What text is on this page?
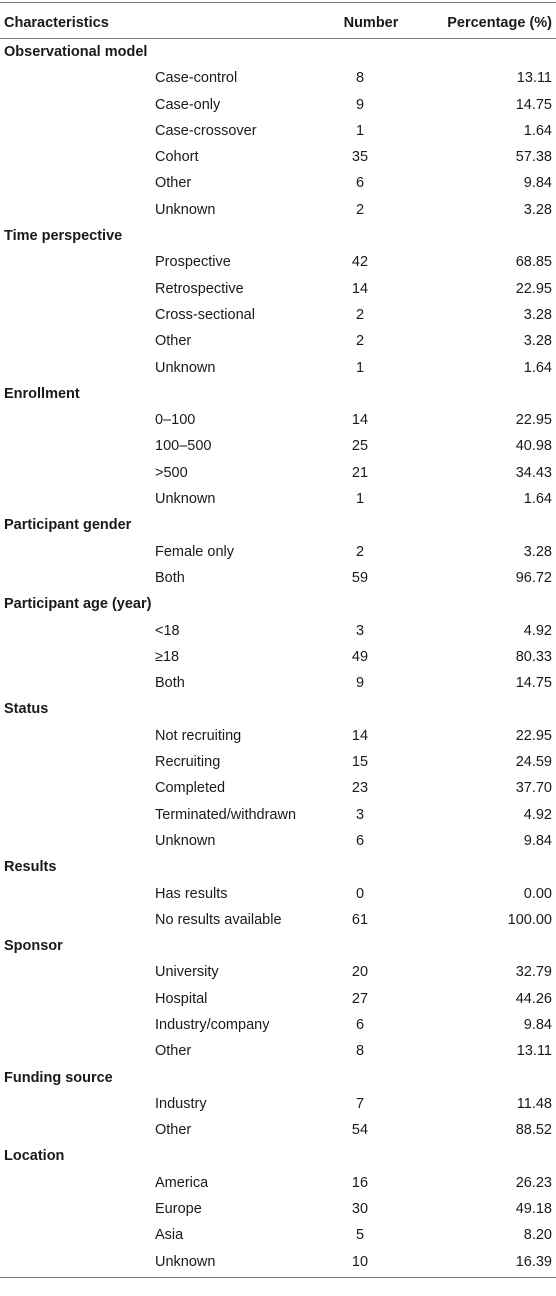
Characteristics	Number	Percentage (%)
Observational model
Case-control	8	13.11
Case-only	9	14.75
Case-crossover	1	1.64
Cohort	35	57.38
Other	6	9.84
Unknown	2	3.28
Time perspective
Prospective	42	68.85
Retrospective	14	22.95
Cross-sectional	2	3.28
Other	2	3.28
Unknown	1	1.64
Enrollment
0–100	14	22.95
100–500	25	40.98
>500	21	34.43
Unknown	1	1.64
Participant gender
Female only	2	3.28
Both	59	96.72
Participant age (year)
<18	3	4.92
≥18	49	80.33
Both	9	14.75
Status
Not recruiting	14	22.95
Recruiting	15	24.59
Completed	23	37.70
Terminated/withdrawn	3	4.92
Unknown	6	9.84
Results
Has results	0	0.00
No results available	61	100.00
Sponsor
University	20	32.79
Hospital	27	44.26
Industry/company	6	9.84
Other	8	13.11
Funding source
Industry	7	11.48
Other	54	88.52
Location
America	16	26.23
Europe	30	49.18
Asia	5	8.20
Unknown	10	16.39
